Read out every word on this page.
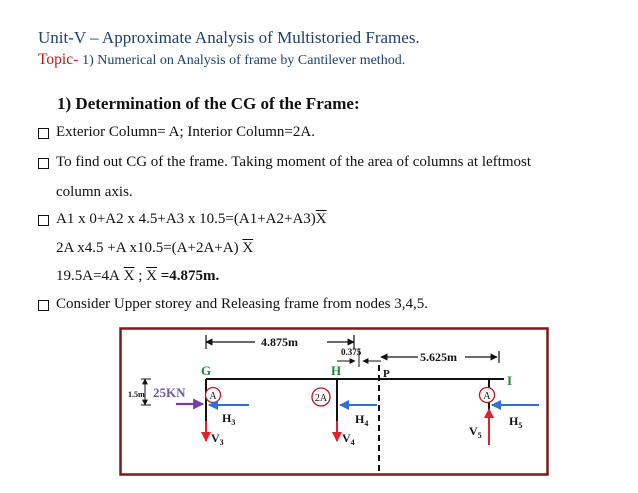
Unit-V – Approximate Analysis of Multistoried Frames.
Topic- 1) Numerical on Analysis of frame by Cantilever method.
1) Determination of the CG of the Frame:
Exterior Column= A; Interior Column=2A.
To find out CG of the frame. Taking moment of the area of columns at leftmost
column axis.
A1 x 0+A2 x 4.5+A3 x $10.5=(A1+A2+A3)\overline{X}$
2A x4.5 +A x10.5=(A+2A+A) $\overline{X}$
19.5A=4A $\overline{X}$ ; $\overline{X} =4.875m$.
Consider Upper storey and Releasing frame from nodes 3,4,5.
4.875m
0.375	5.625m
P
G	H
I
1.5m 25KN A	2A	A
$H_3$	$H_4$	$H_5$
$V_3$	$V_4$
$V_5$
